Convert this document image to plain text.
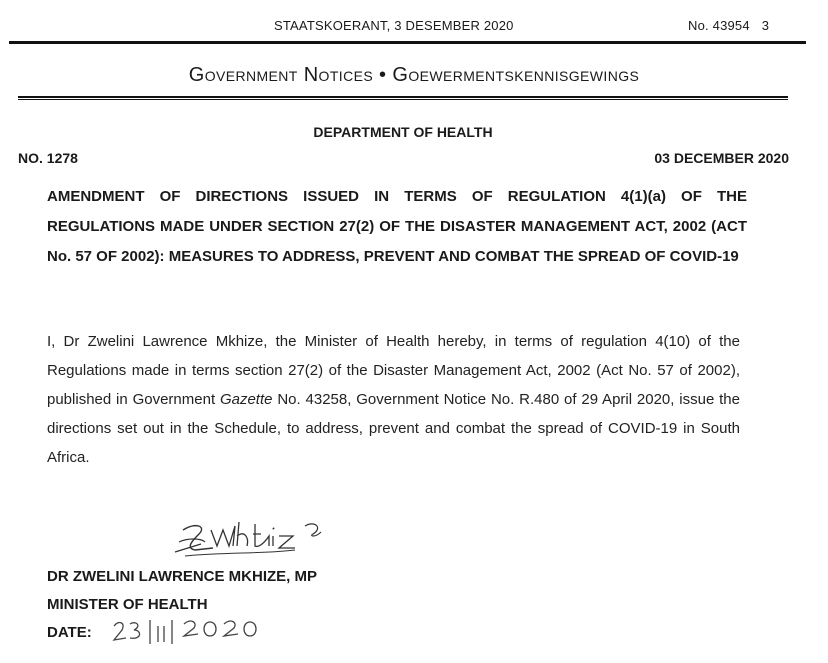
STAATSKOERANT, 3 DESEMBER 2020	No. 43954 3
Government Notices • Goewermentskennisgewings
DEPARTMENT OF HEALTH
NO. 1278	03 DECEMBER 2020
AMENDMENT OF DIRECTIONS ISSUED IN TERMS OF REGULATION 4(1)(a) OF THE REGULATIONS MADE UNDER SECTION 27(2) OF THE DISASTER MANAGEMENT ACT, 2002 (ACT No. 57 OF 2002): MEASURES TO ADDRESS, PREVENT AND COMBAT THE SPREAD OF COVID-19
I, Dr Zwelini Lawrence Mkhize, the Minister of Health hereby, in terms of regulation 4(10) of the Regulations made in terms section 27(2) of the Disaster Management Act, 2002 (Act No. 57 of 2002), published in Government Gazette No. 43258, Government Notice No. R.480 of 29 April 2020, issue the directions set out in the Schedule, to address, prevent and combat the spread of COVID-19 in South Africa.
DR ZWELINI LAWRENCE MKHIZE, MP
MINISTER OF HEALTH
DATE:
